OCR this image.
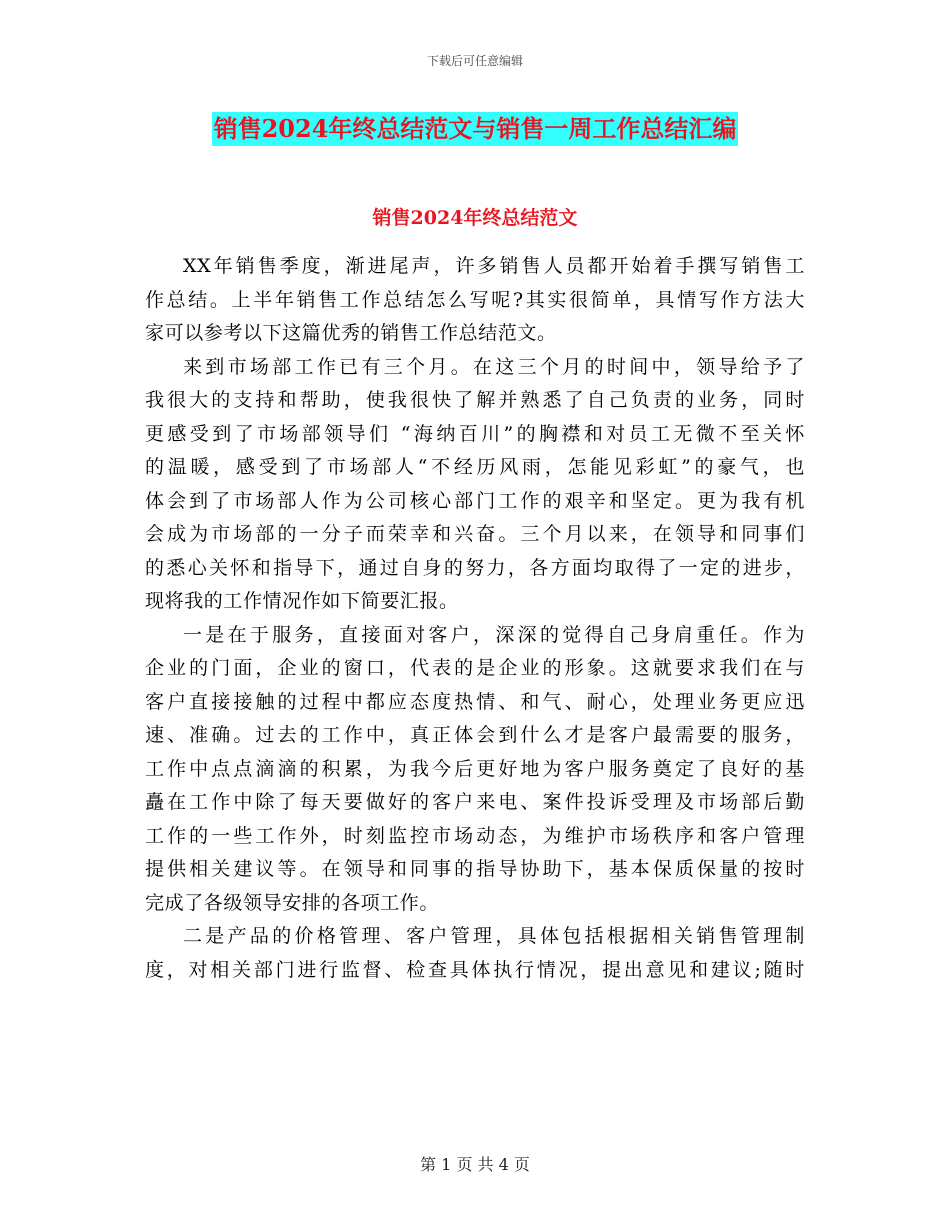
下载后可任意编辑
销售2024年终总结范文与销售一周工作总结汇编
销售2024年终总结范文

XX年销售季度，渐进尾声，许多销售人员都开始着手撰写销售工
作总结。上半年销售工作总结怎么写呢?其实很简单，具情写作方法大
家可以参考以下这篇优秀的销售工作总结范文。

来到市场部工作已有三个月。在这三个月的时间中，领导给予了
我很大的支持和帮助，使我很快了解并熟悉了自己负责的业务，同时
更感受到了市场部领导们 “海纳百川”的胸襟和对员工无微不至关怀
的温暖，感受到了市场部人“不经历风雨，怎能见彩虹”的豪气，也
体会到了市场部人作为公司核心部门工作的艰辛和坚定。更为我有机
会成为市场部的一分子而荣幸和兴奋。三个月以来，在领导和同事们
的悉心关怀和指导下，通过自身的努力，各方面均取得了一定的进步，
现将我的工作情况作如下简要汇报。

一是在于服务，直接面对客户，深深的觉得自己身肩重任。作为
企业的门面，企业的窗口，代表的是企业的形象。这就要求我们在与
客户直接接触的过程中都应态度热情、和气、耐心，处理业务更应迅
速、准确。过去的工作中，真正体会到什么才是客户最需要的服务，
工作中点点滴滴的积累，为我今后更好地为客户服务奠定了良好的基
矗在工作中除了每天要做好的客户来电、案件投诉受理及市场部后勤
工作的一些工作外，时刻监控市场动态，为维护市场秩序和客户管理
提供相关建议等。在领导和同事的指导协助下，基本保质保量的按时
完成了各级领导安排的各项工作。

二是产品的价格管理、客户管理，具体包括根据相关销售管理制
度，对相关部门进行监督、检查具体执行情况，提出意见和建议;随时

第 1 页 共 4 页
